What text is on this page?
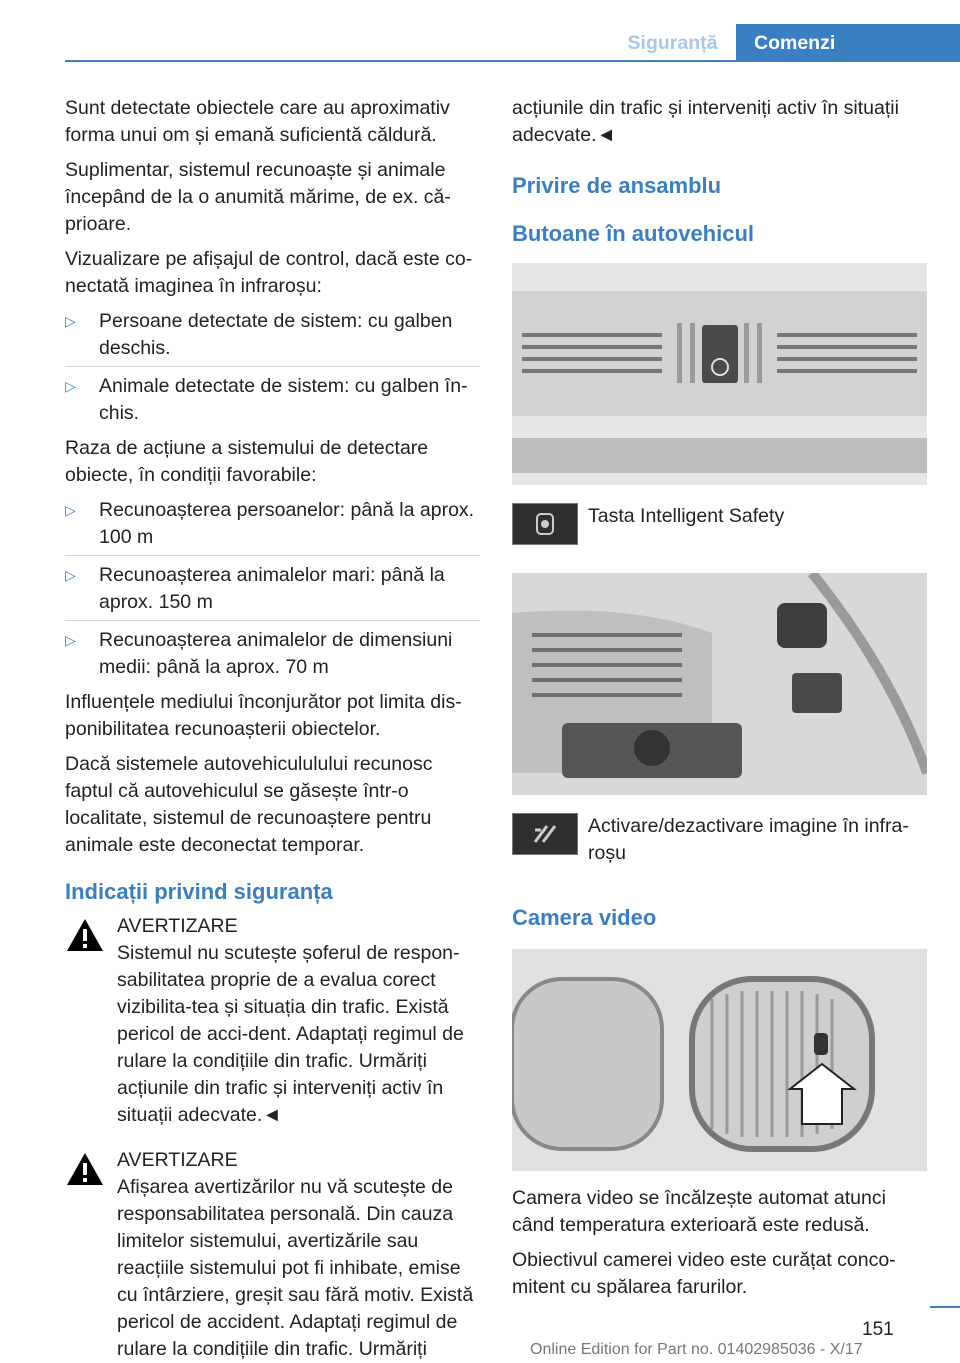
Siguranță	Comenzi

Sunt detectate obiectele care au aproximativ forma unui om și emană suficientă căldură.

Suplimentar, sistemul recunoaște și animale începând de la o anumită mărime, de ex. că‐prioare.

Vizualizare pe afișajul de control, dacă este co‐nectată imaginea în infraroșu:

▷ Persoane detectate de sistem: cu galben deschis.
▷ Animale detectate de sistem: cu galben în‐chis.

Raza de acțiune a sistemului de detectare obiecte, în condiții favorabile:

▷ Recunoașterea persoanelor: până la aprox. 100 m
▷ Recunoașterea animalelor mari: până la aprox. 150 m
▷ Recunoașterea animalelor de dimensiuni medii: până la aprox. 70 m

Influențele mediului înconjurător pot limita dis‐ponibilitatea recunoașterii obiectelor.

Dacă sistemele autovehicululului recunosc faptul că autovehiculul se găsește într-o localitate, sistemul de recunoaștere pentru animale este deconectat temporar.

Indicații privind siguranța
AVERTIZARE
Sistemul nu scutește șoferul de respon‐sabilitatea proprie de a evalua corect vizibilita‐tea și situația din trafic. Există pericol de acci‐dent. Adaptați regimul de rulare la condițiile din trafic. Urmăriți acțiunile din trafic și interveniți activ în situații adecvate.◄
AVERTIZARE
Afișarea avertizărilor nu vă scutește de responsabilitatea personală. Din cauza limitelor sistemului, avertizările sau reacțiile sistemului pot fi inhibate, emise cu întârziere, greșit sau fără motiv. Există pericol de accident. Adaptați regimul de rulare la condițiile din trafic. Urmăriți

acțiunile din trafic și interveniți activ în situații adecvate.◄

Privire de ansamblu
Butoane în autovehicul
Tasta Intelligent Safety
Activare/dezactivare imagine în infra‐roșu
Camera video

Camera video se încălzește automat atunci când temperatura exterioară este redusă.

Obiectivul camerei video este curățat conco‐mitent cu spălarea farurilor.

151
Online Edition for Part no. 01402985036 - X/17
